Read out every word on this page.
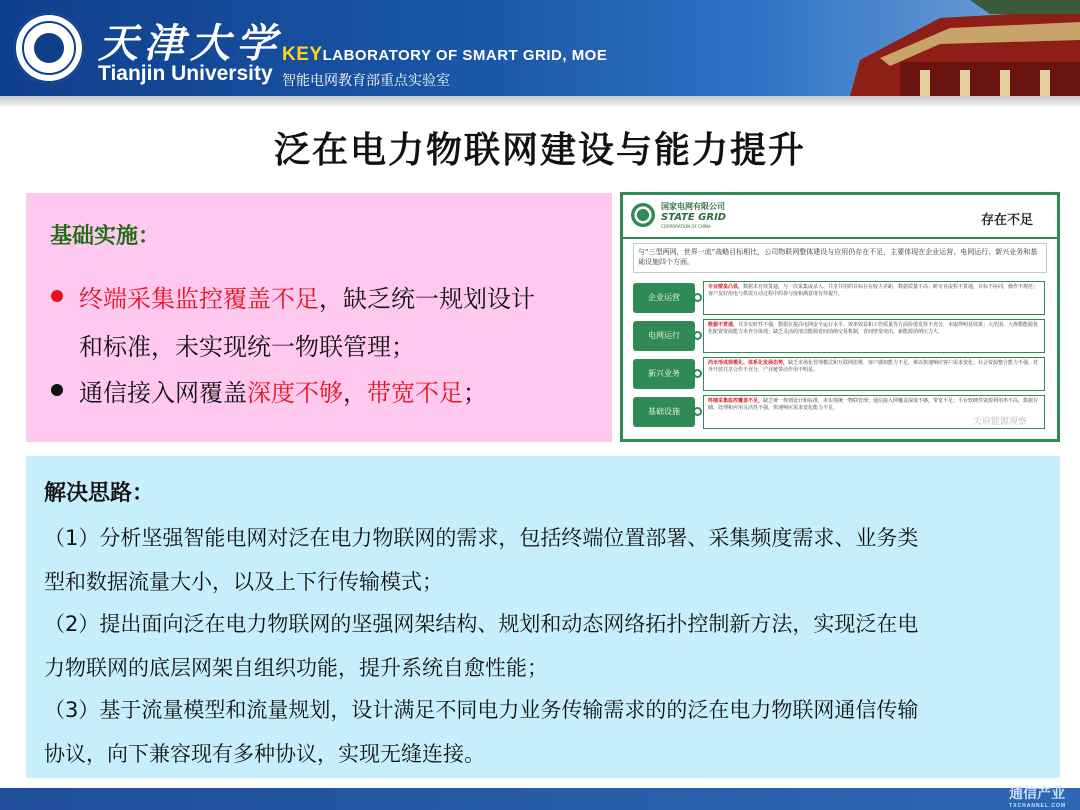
天津大学
Tianjin University
KEYLABORATORY OF SMART GRID, MOE
智能电网教育部重点实验室
泛在电力物联网建设与能力提升
基础实施：
终端采集监控覆盖不足，缺乏统一规划设计
和标准，未实现统一物联管理；
通信接入网覆盖深度不够，带宽不足；
国家电网有限公司
STATE GRID
CORPORATION OF CHINA	存在不足
与“三型两网，世界一流”战略目标相比，公司物联网整体建设与应用仍存在不足，主要体现在企业运营、电网运行、新兴业务和基础设施四个方面。
企业运营
专业壁垒凸显，数据未有效贯通，与一次采集或录入、共享共用的目标存在较大差距，数据质量不高；跨专业流程不贯通，目标不协同，操作不规范；客户友好用电与供需互动过程中的参与度和满意度有待提升。
电网运行
数据不贯通，共享实时性不强，数据在提高电网安全运行水平、效率效益和工作质量等方面价值发挥不充分，未取得明显效果；大范围、大规模能源优化配置资源能力未充分体现；缺乏灵活的清洁能源省间消纳交易机制，省间壁垒突出，新能源消纳压力大。
新兴业务
尚未形成规模化、体系化发展态势，缺乏市场化管理模式和互联网思维，客户感知能力不足，难以快速响应客户需求变化；社会资源整合能力不强，对外开放共享合作不充分，产业链带动作用不明显。
基础设施
终端采集监控覆盖不足，缺乏统一规划设计和标准，未实现统一物联管理；通信接入网覆盖深度不够，带宽不足；平台软硬件资源利用率不高，数据存储、处理和应用灵活性不强，快速响应需求变化能力不足。
天府能源观察
解决思路：
（1）分析坚强智能电网对泛在电力物联网的需求，包括终端位置部署、采集频度需求、业务类
型和数据流量大小，以及上下行传输模式；
（2）提出面向泛在电力物联网的坚强网架结构、规划和动态网络拓扑控制新方法，实现泛在电
力物联网的底层网架自组织功能，提升系统自愈性能；
（3）基于流量模型和流量规划，设计满足不同电力业务传输需求的的泛在电力物联网通信传输
协议，向下兼容现有多种协议，实现无缝连接。
通信产业
TXCHANNEL.COM
